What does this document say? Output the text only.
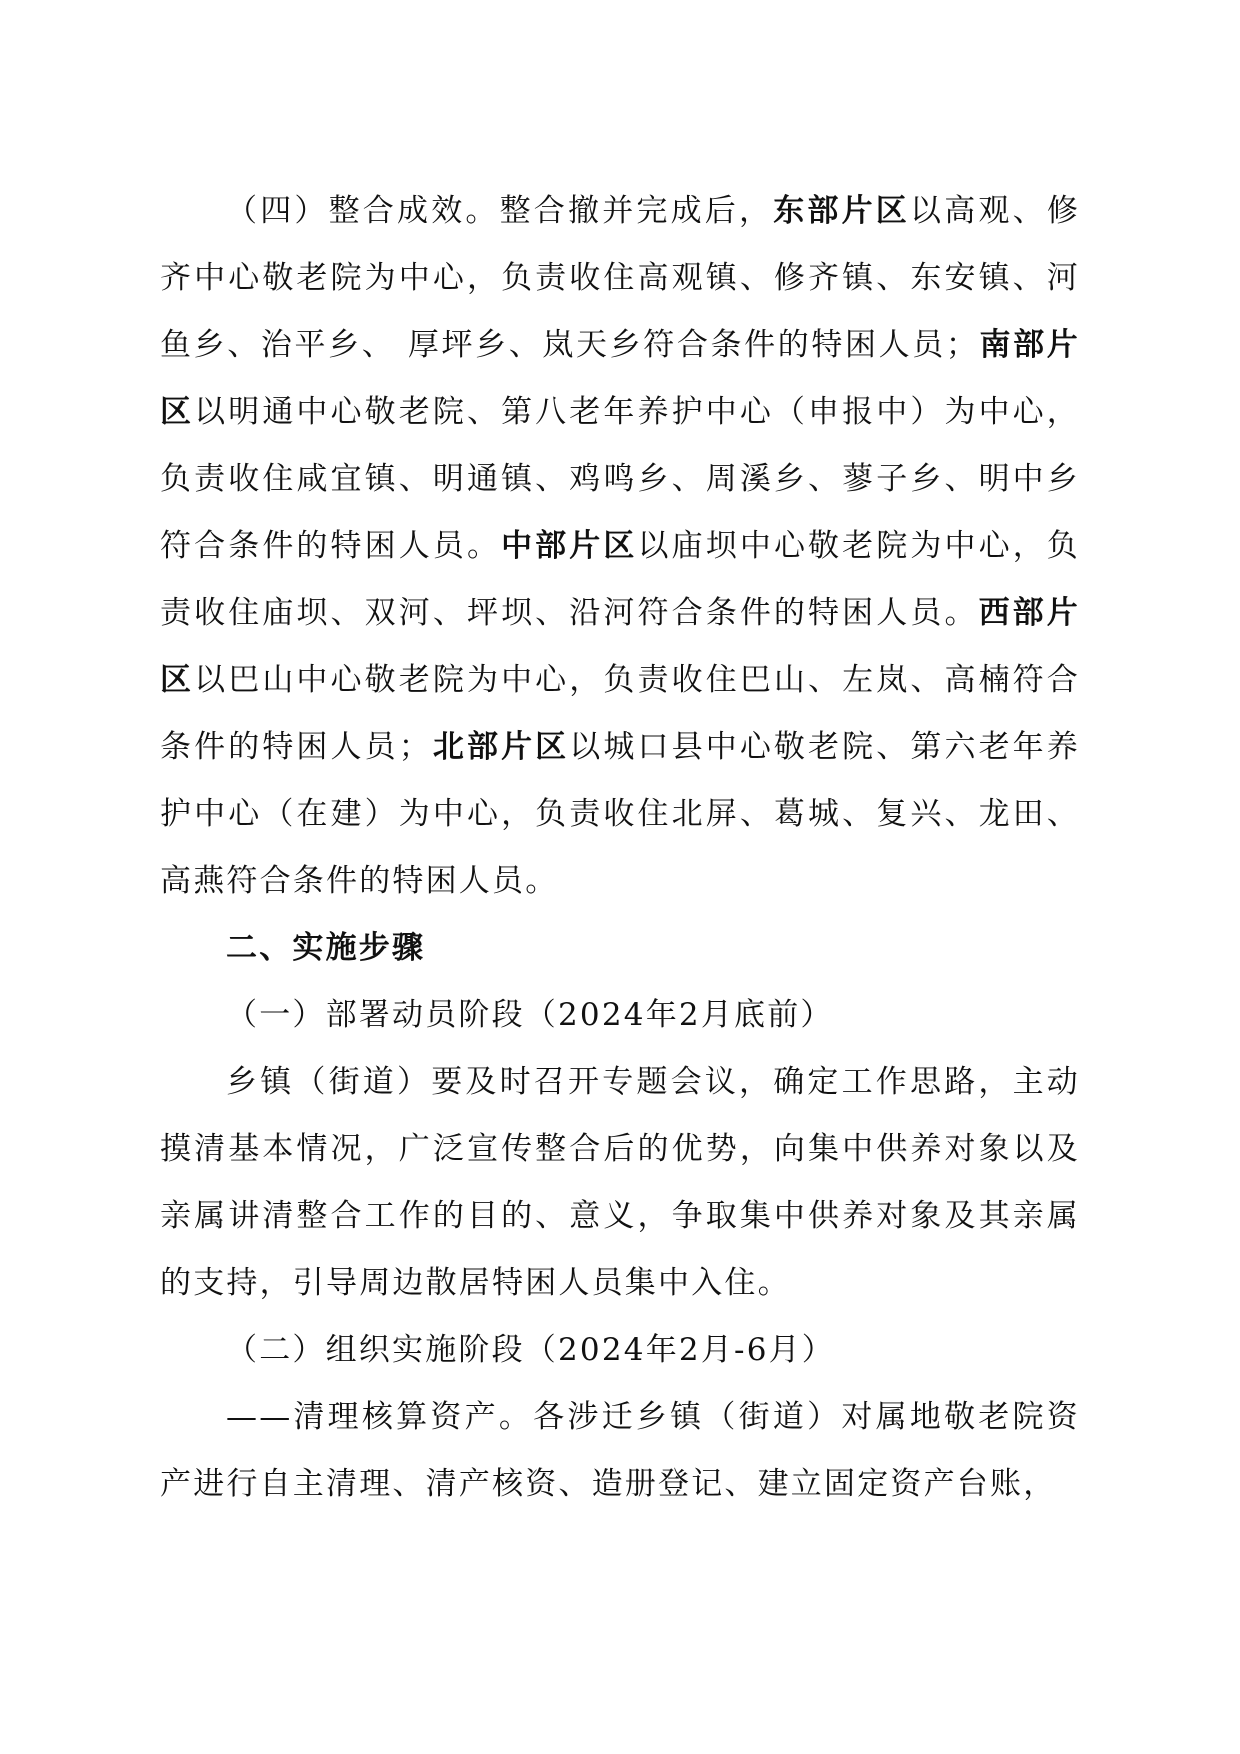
（四）整合成效。整合撤并完成后，东部片区以高观、修齐中心敬老院为中心，负责收住高观镇、修齐镇、东安镇、河鱼乡、治平乡、 厚坪乡、岚天乡符合条件的特困人员；南部片区以明通中心敬老院、第八老年养护中心（申报中）为中心，负责收住咸宜镇、明通镇、鸡鸣乡、周溪乡、蓼子乡、明中乡符合条件的特困人员。中部片区以庙坝中心敬老院为中心，负责收住庙坝、双河、坪坝、沿河符合条件的特困人员。西部片区以巴山中心敬老院为中心，负责收住巴山、左岚、高楠符合条件的特困人员；北部片区以城口县中心敬老院、第六老年养护中心（在建）为中心，负责收住北屏、葛城、复兴、龙田、高燕符合条件的特困人员。

二、实施步骤

（一）部署动员阶段（2024年2月底前）

乡镇（街道）要及时召开专题会议，确定工作思路，主动摸清基本情况，广泛宣传整合后的优势，向集中供养对象以及亲属讲清整合工作的目的、意义，争取集中供养对象及其亲属的支持，引导周边散居特困人员集中入住。

（二）组织实施阶段（2024年2月-6月）

——清理核算资产。各涉迁乡镇（街道）对属地敬老院资产进行自主清理、清产核资、造册登记、建立固定资产台账，
